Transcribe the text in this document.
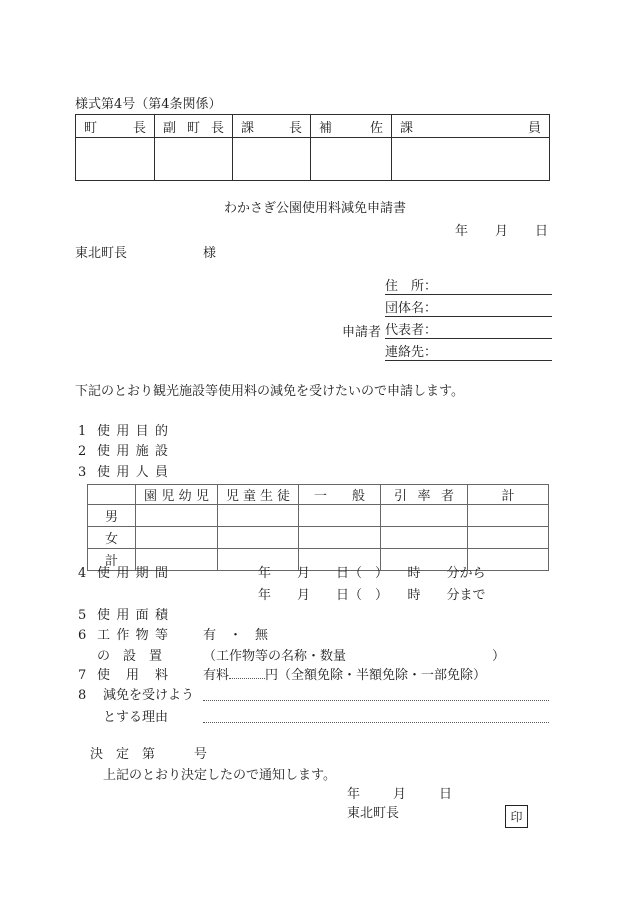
様式第4号（第4条関係）
町 長	副 町 長	課 長	補 佐	課 員

わかさぎ公園使用料減免申請書
年 月 日
東北町長	様
申請者
住　所：
団体名：
代表者：
連絡先：
下記のとおり観光施設等使用料の減免を受けたいので申請します。
1 使 用 目 的
2 使 用 施 設
3 使 用 人 員

	園 児 幼 児	児 童 生 徒	一 般	引 率 者	計

男					
女					
計					
4 使 用 期 間	年　　月　　日（　）　　時　　分から
年　　月　　日（　）　　時　　分まで
5 使 用 面 積
6 工 作 物 等	有　・　無
の 設 置	（工作物等の名称・数量	）
7 使 用 料	有料	円（全額免除・半額免除・一部免除）
8 減免を受けよう
とする理由
決　定　第　　　号
上記のとおり決定したので通知します。
年	月	日
東北町長	印
